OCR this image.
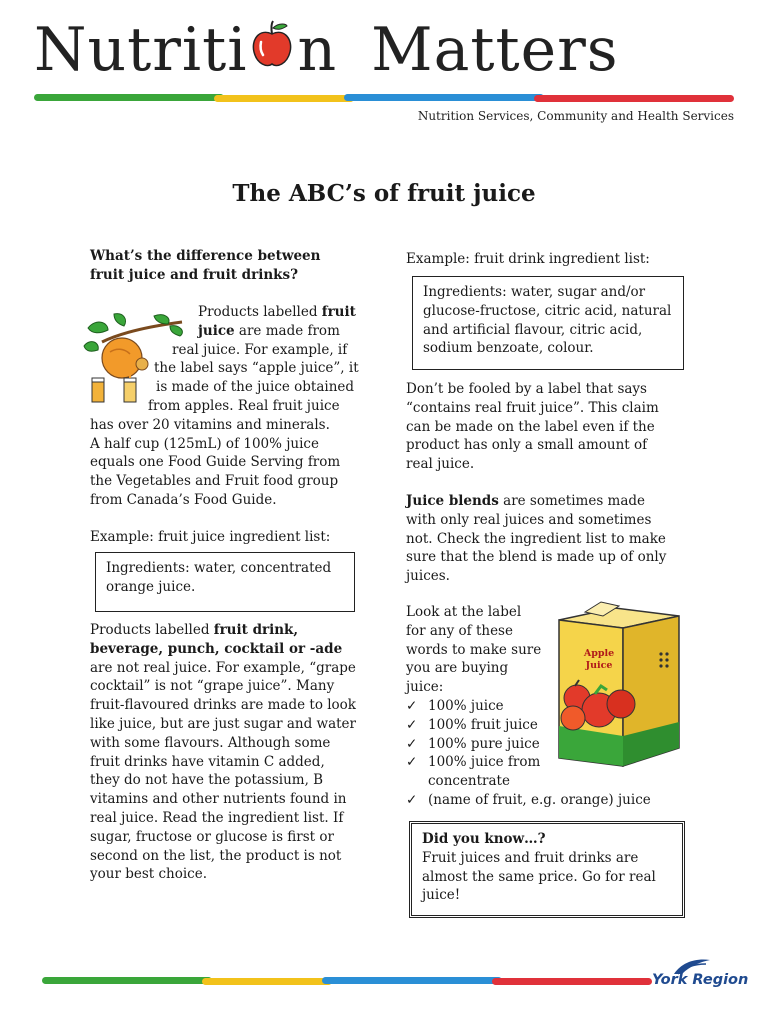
Nutriti n Matters
Nutrition Services, Community and Health Services
The ABC’s of fruit juice
What’s the difference between
fruit juice and fruit drinks?
Products labelled fruit
juice are made from
real juice. For example, if
the label says “apple juice”, it
is made of the juice obtained
from apples. Real fruit juice
has over 20 vitamins and minerals.
A half cup (125mL) of 100% juice
equals one Food Guide Serving from
the Vegetables and Fruit food group
from Canada’s Food Guide.
Example: fruit juice ingredient list:
Ingredients: water, concentrated
orange juice.
Products labelled fruit drink,
beverage, punch, cocktail or -ade
are not real juice. For example, “grape
cocktail” is not “grape juice”. Many
fruit-flavoured drinks are made to look
like juice, but are just sugar and water
with some flavours. Although some
fruit drinks have vitamin C added,
they do not have the potassium, B
vitamins and other nutrients found in
real juice. Read the ingredient list. If
sugar, fructose or glucose is first or
second on the list, the product is not
your best choice.
Example: fruit drink ingredient list:
Ingredients: water, sugar and/or
glucose-fructose, citric acid, natural
and artificial flavour, citric acid,
sodium benzoate, colour.
Don’t be fooled by a label that says
“contains real fruit juice”. This claim
can be made on the label even if the
product has only a small amount of
real juice.
Juice blends are sometimes made
with only real juices and sometimes
not. Check the ingredient list to make
sure that the blend is made up of only
juices.
Look at the label
for any of these
words to make sure
you are buying
juice:
Apple
Juice
✓ 100% juice
✓ 100% fruit juice
✓ 100% pure juice
✓ 100% juice from
concentrate
✓ (name of fruit, e.g. orange) juice
Did you know…?
Fruit juices and fruit drinks are
almost the same price. Go for real
juice!
York Region
